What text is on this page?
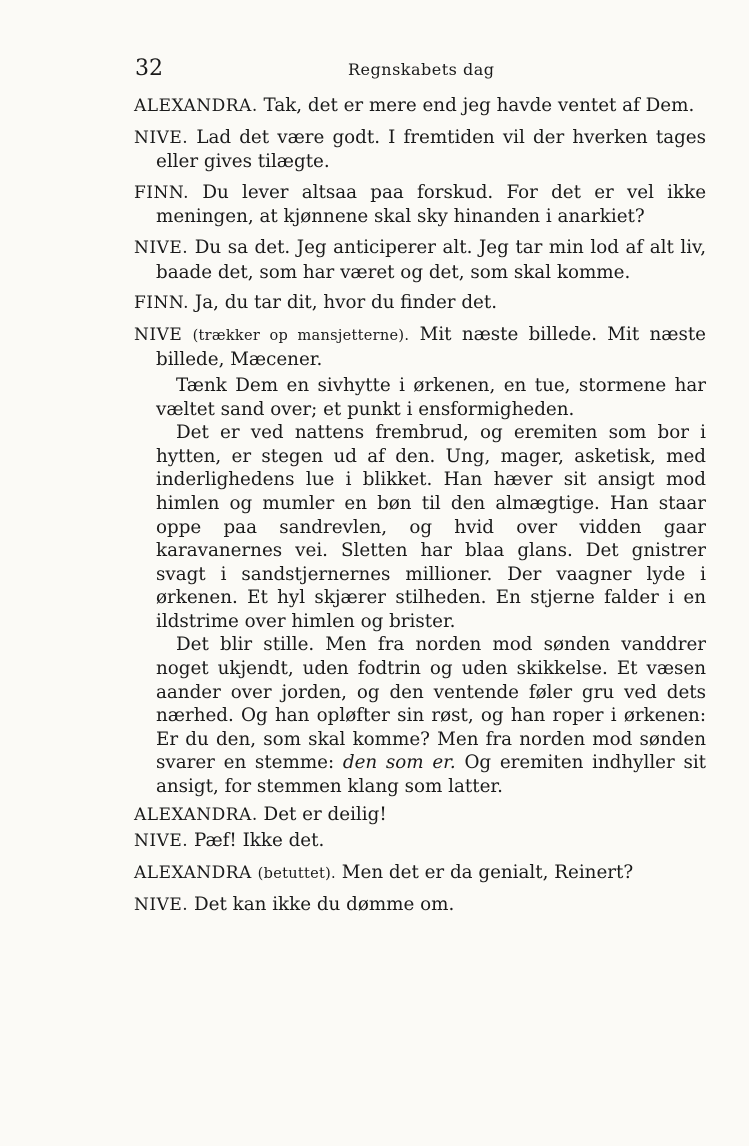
32	Regnskabets dag

ALEXANDRA. Tak, det er mere end jeg havde ventet af Dem.

NIVE. Lad det være godt. I fremtiden vil der hverken tages eller gives tilægte.

FINN. Du lever altsaa paa forskud. For det er vel ikke meningen, at kjønnene skal sky hinanden i anarkiet?

NIVE. Du sa det. Jeg anticiperer alt. Jeg tar min lod af alt liv, baade det, som har været og det, som skal komme.

FINN. Ja, du tar dit, hvor du finder det.

NIVE (trækker op mansjetterne). Mit næste billede. Mit næste billede, Mæcener.

Tænk Dem en sivhytte i ørkenen, en tue, stormene har væltet sand over; et punkt i ensformigheden.

Det er ved nattens frembrud, og eremiten som bor i hytten, er stegen ud af den. Ung, mager, asketisk, med inderlighedens lue i blikket. Han hæver sit ansigt mod himlen og mumler en bøn til den almægtige. Han staar oppe paa sandrevlen, og hvid over vidden gaar karavanernes vei. Sletten har blaa glans. Det gnistrer svagt i sandstjernernes millioner. Der vaagner lyde i ørkenen. Et hyl skjærer stilheden. En stjerne falder i en ildstrime over himlen og brister.

Det blir stille. Men fra norden mod sønden vanddrer noget ukjendt, uden fodtrin og uden skikkelse. Et væsen aander over jorden, og den ventende føler gru ved dets nærhed. Og han opløfter sin røst, og han roper i ørkenen: Er du den, som skal komme? Men fra norden mod sønden svarer en stemme: den som er. Og eremiten indhyller sit ansigt, for stemmen klang som latter.

ALEXANDRA. Det er deilig!

NIVE. Pæf! Ikke det.

ALEXANDRA (betuttet). Men det er da genialt, Reinert?

NIVE. Det kan ikke du dømme om.
